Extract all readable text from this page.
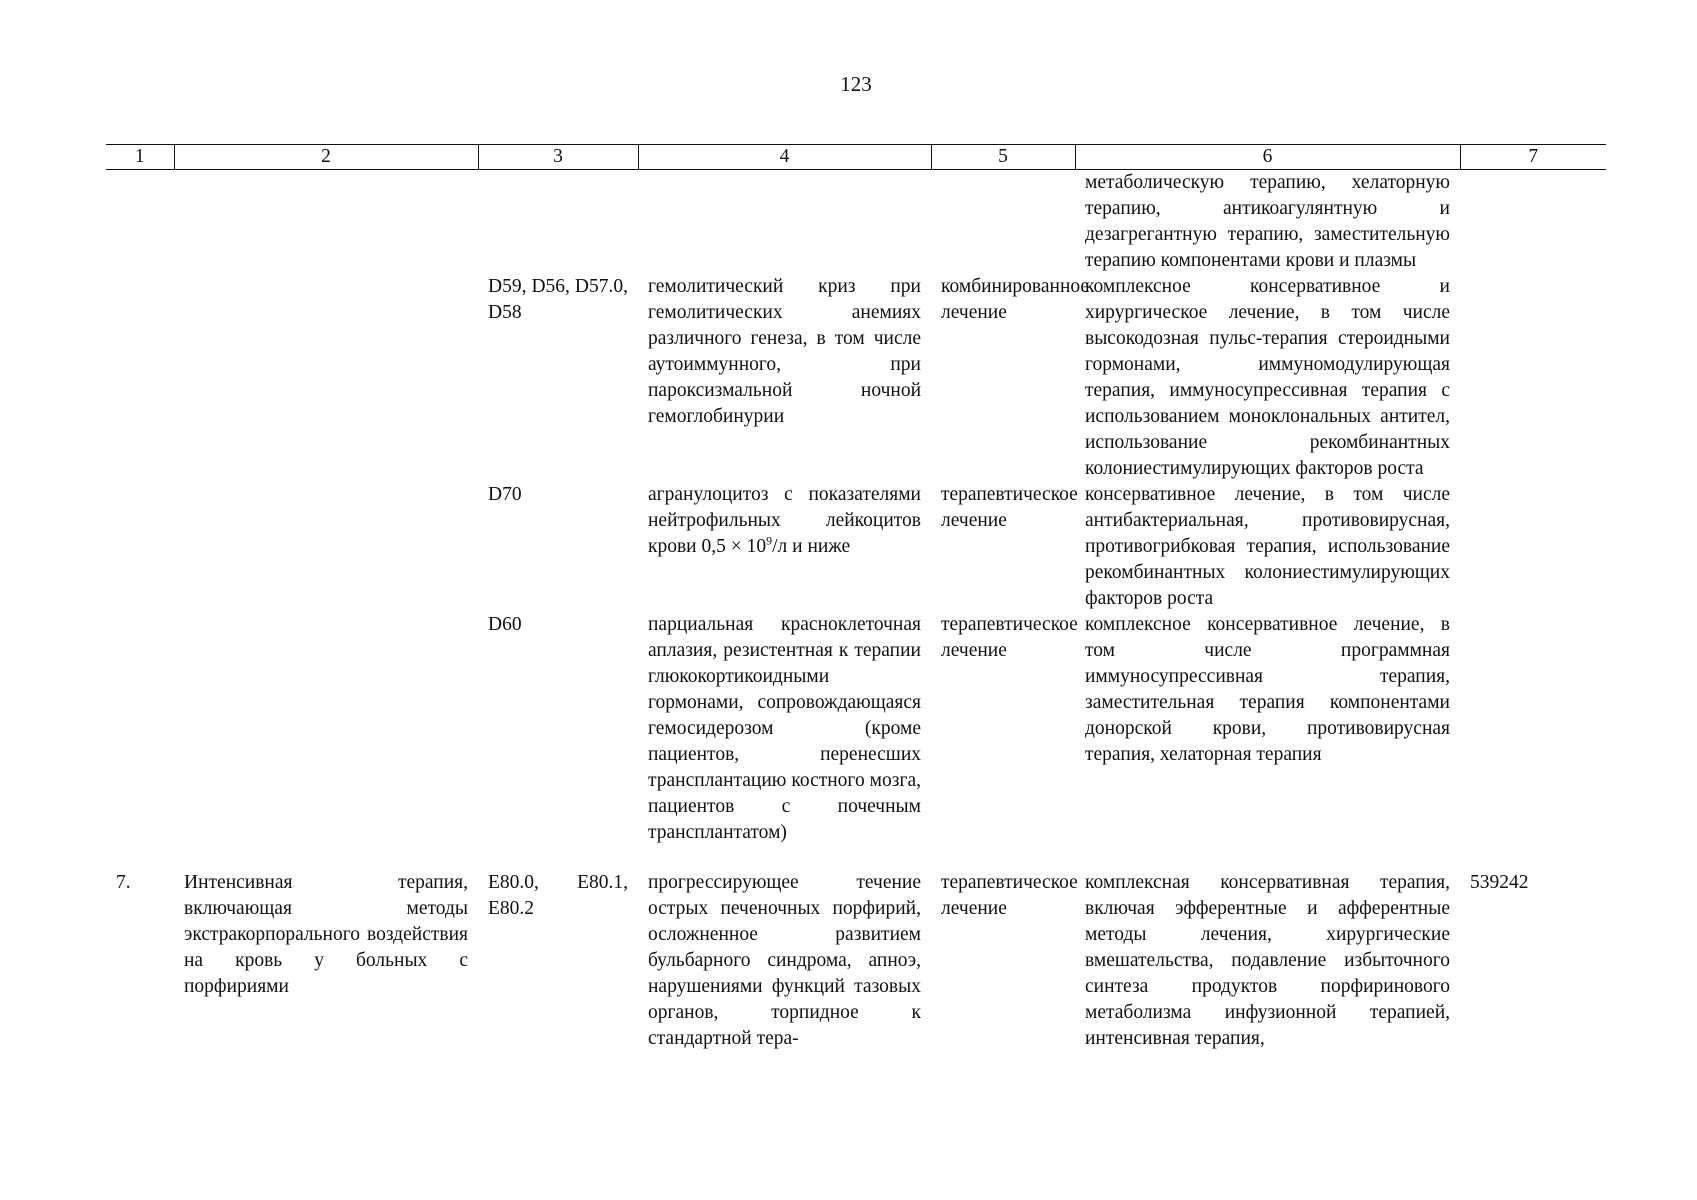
123
1	2	3	4	5	6	7
					метаболическую терапию, хелаторную терапию, антикоагулянтную и дезагрегантную терапию, заместительную терапию компонентами крови и плазмы	
		D59, D56, D57.0, D58	гемолитический криз при гемолитических анемиях различного генеза, в том числе аутоиммунного, при пароксизмальной ночной гемоглобинурии	комбинированное лечение	комплексное консервативное и хирургическое лечение, в том числе высокодозная пульс-терапия стероидными гормонами, иммуномодулирующая терапия, иммуносупрессивная терапия с использованием моноклональных антител, использование рекомбинантных колониестимулирующих факторов роста	
		D70	агранулоцитоз с показателями нейтрофильных лейкоцитов крови $0,5 \times 10^9/л$ и ниже	терапевтическое лечение	консервативное лечение, в том числе антибактериальная, противовирусная, противогрибковая терапия, использование рекомбинантных колониестимулирующих факторов роста	
		D60	парциальная красноклеточная аплазия, резистентная к терапии глюкокортикоидными гормонами, сопровождающаяся гемосидерозом (кроме пациентов, перенесших трансплантацию костного мозга, пациентов с почечным трансплантатом)	терапевтическое лечение	комплексное консервативное лечение, в том числе программная иммуносупрессивная терапия, заместительная терапия компонентами донорской крови, противовирусная терапия, хелаторная терапия	

7.	Интенсивная терапия, включающая методы экстракорпорального воздействия на кровь у больных с порфириями	E80.0, E80.1, E80.2	прогрессирующее течение острых печеночных порфирий, осложненное развитием бульбарного синдрома, апноэ, нарушениями функций тазовых органов, торпидное к стандартной тера-	терапевтическое лечение	комплексная консервативная терапия, включая эфферентные и афферентные методы лечения, хирургические вмешательства, подавление избыточного синтеза продуктов порфиринового метаболизма инфузионной терапией, интенсивная терапия,	539242
